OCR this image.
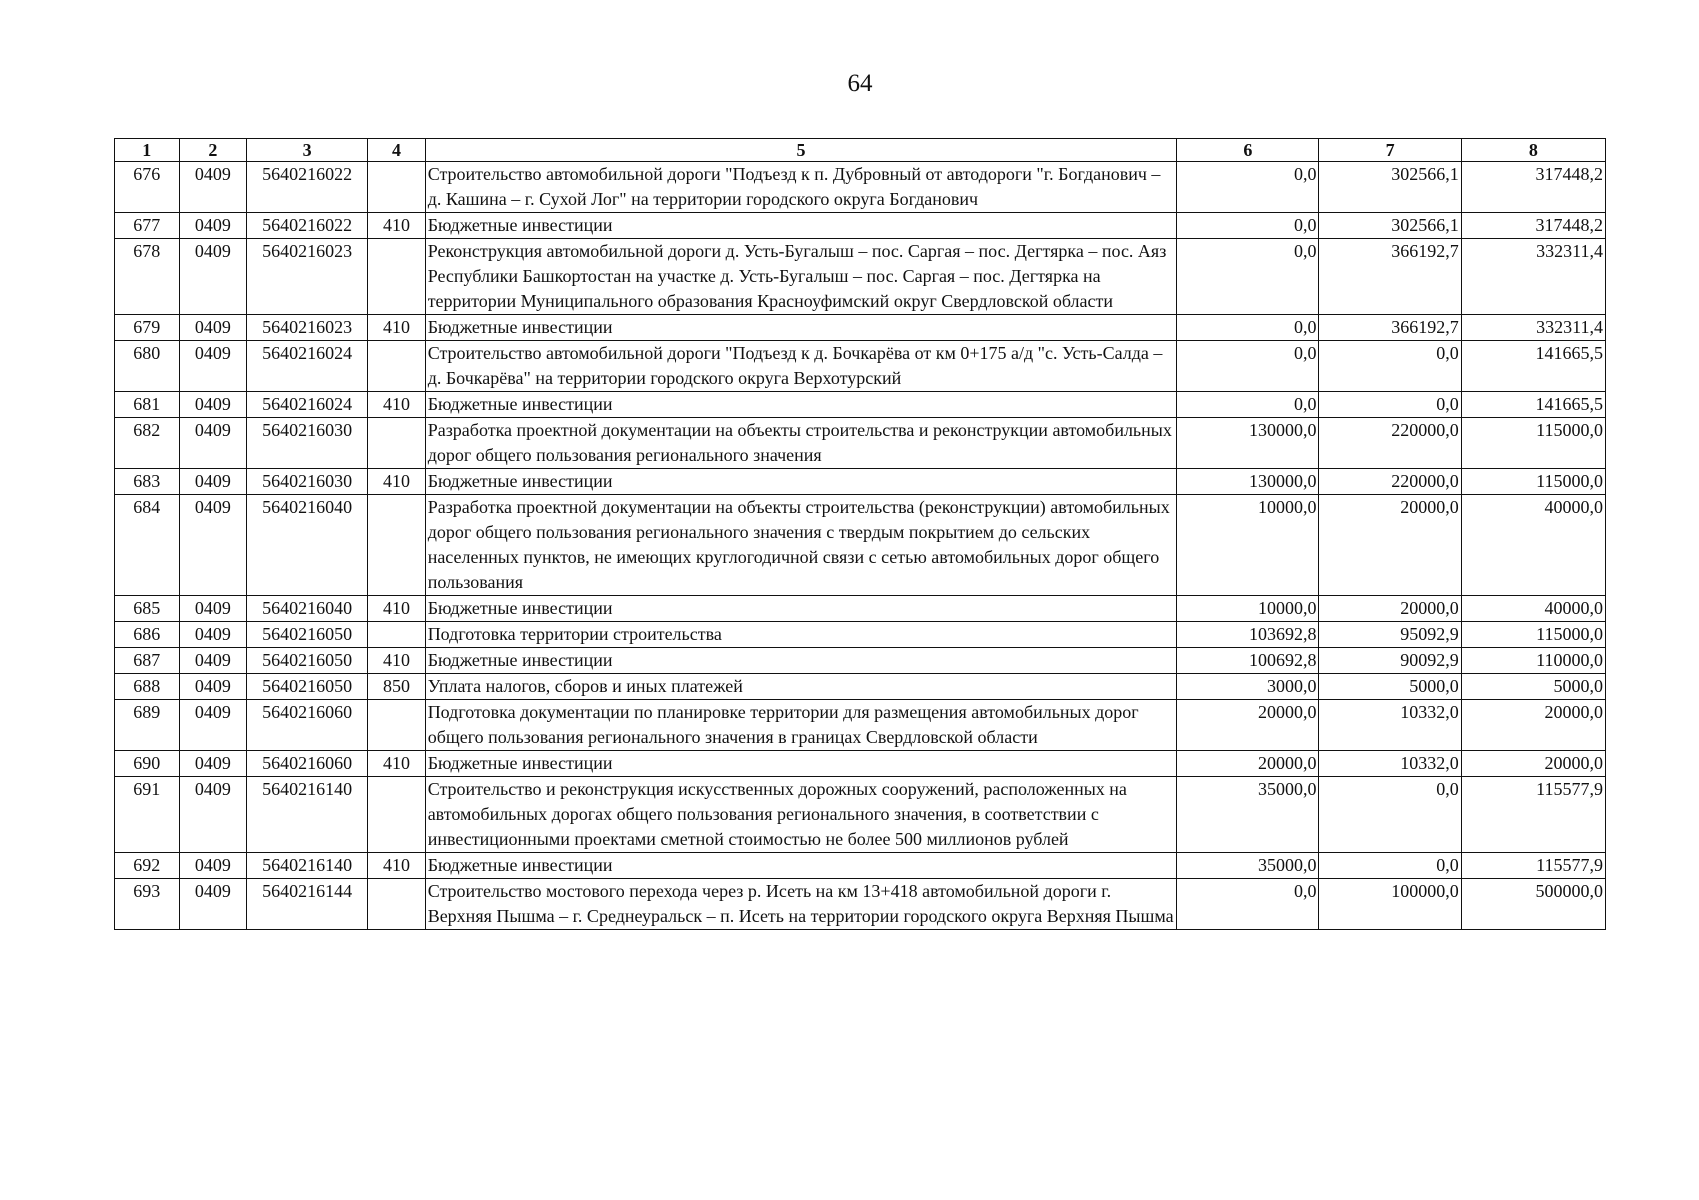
64
1	2	3	4	5	6	7	8
676	0409	5640216022		Строительство автомобильной дороги "Подъезд к п. Дубровный от автодороги "г. Богданович – д. Кашина – г. Сухой Лог" на территории городского округа Богданович	0,0	302566,1	317448,2
677	0409	5640216022	410	Бюджетные инвестиции	0,0	302566,1	317448,2
678	0409	5640216023		Реконструкция автомобильной дороги д. Усть-Бугалыш – пос. Саргая – пос. Дегтярка – пос. Аяз Республики Башкортостан на участке д. Усть-Бугалыш – пос. Саргая – пос. Дегтярка на территории Муниципального образования Красноуфимский округ Свердловской области	0,0	366192,7	332311,4
679	0409	5640216023	410	Бюджетные инвестиции	0,0	366192,7	332311,4
680	0409	5640216024		Строительство автомобильной дороги "Подъезд к д. Бочкарёва от км 0+175 а/д "с. Усть-Салда – д. Бочкарёва" на территории городского округа Верхотурский	0,0	0,0	141665,5
681	0409	5640216024	410	Бюджетные инвестиции	0,0	0,0	141665,5
682	0409	5640216030		Разработка проектной документации на объекты строительства и реконструкции автомобильных дорог общего пользования регионального значения	130000,0	220000,0	115000,0
683	0409	5640216030	410	Бюджетные инвестиции	130000,0	220000,0	115000,0
684	0409	5640216040		Разработка проектной документации на объекты строительства (реконструкции) автомобильных дорог общего пользования регионального значения с твердым покрытием до сельских населенных пунктов, не имеющих круглогодичной связи с сетью автомобильных дорог общего пользования	10000,0	20000,0	40000,0
685	0409	5640216040	410	Бюджетные инвестиции	10000,0	20000,0	40000,0
686	0409	5640216050		Подготовка территории строительства	103692,8	95092,9	115000,0
687	0409	5640216050	410	Бюджетные инвестиции	100692,8	90092,9	110000,0
688	0409	5640216050	850	Уплата налогов, сборов и иных платежей	3000,0	5000,0	5000,0
689	0409	5640216060		Подготовка документации по планировке территории для размещения автомобильных дорог общего пользования регионального значения в границах Свердловской области	20000,0	10332,0	20000,0
690	0409	5640216060	410	Бюджетные инвестиции	20000,0	10332,0	20000,0
691	0409	5640216140		Строительство и реконструкция искусственных дорожных сооружений, расположенных на автомобильных дорогах общего пользования регионального значения, в соответствии с инвестиционными проектами сметной стоимостью не более 500 миллионов рублей	35000,0	0,0	115577,9
692	0409	5640216140	410	Бюджетные инвестиции	35000,0	0,0	115577,9
693	0409	5640216144		Строительство мостового перехода через р. Исеть на км 13+418 автомобильной дороги г. Верхняя Пышма – г. Среднеуральск – п. Исеть на территории городского округа Верхняя Пышма	0,0	100000,0	500000,0
